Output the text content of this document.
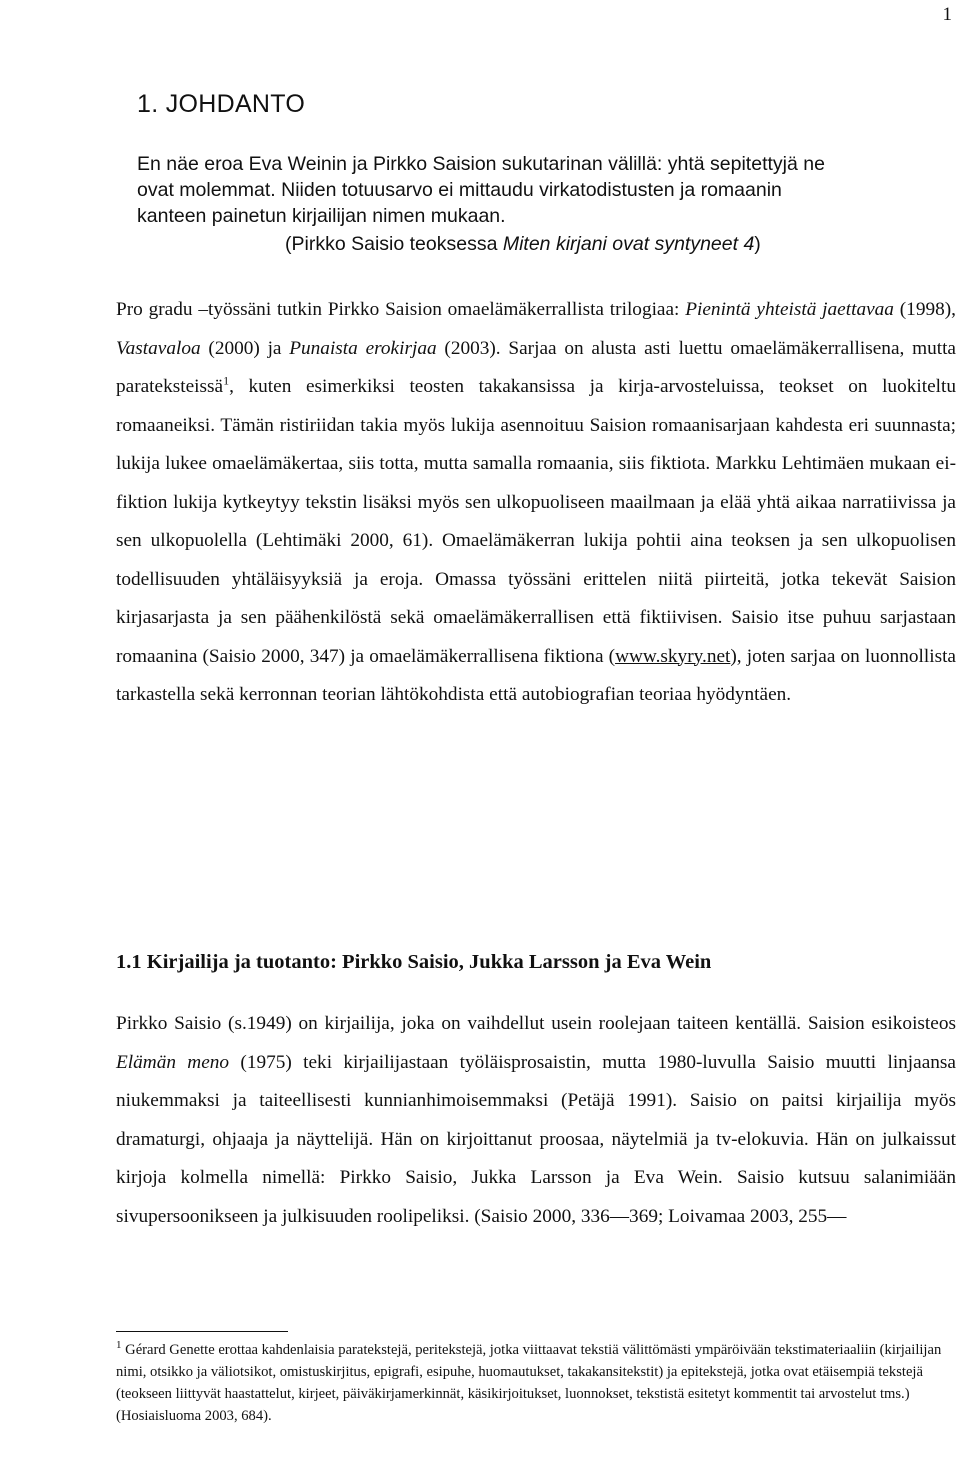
1
1. JOHDANTO

En näe eroa Eva Weinin ja Pirkko Saision sukutarinan välillä: yhtä sepitettyjä ne ovat molemmat. Niiden totuusarvo ei mittaudu virkatodistusten ja romaanin kanteen painetun kirjailijan nimen mukaan.

(Pirkko Saisio teoksessa Miten kirjani ovat syntyneet 4)

Pro gradu –työssäni tutkin Pirkko Saision omaelämäkerrallista trilogiaa: Pienintä yhteistä jaettavaa (1998), Vastavaloa (2000) ja Punaista erokirjaa (2003). Sarjaa on alusta asti luettu omaelämäkerrallisena, mutta parateksteissä$^1$, kuten esimerkiksi teosten takakansissa ja kirja-arvosteluissa, teokset on luokiteltu romaaneiksi. Tämän ristiriidan takia myös lukija asennoituu Saision romaanisarjaan kahdesta eri suunnasta; lukija lukee omaelämäkertaa, siis totta, mutta samalla romaania, siis fiktiota. Markku Lehtimäen mukaan ei-fiktion lukija kytkeytyy tekstin lisäksi myös sen ulkopuoliseen maailmaan ja elää yhtä aikaa narratiivissa ja sen ulkopuolella (Lehtimäki 2000, 61). Omaelämäkerran lukija pohtii aina teoksen ja sen ulkopuolisen todellisuuden yhtäläisyyksiä ja eroja. Omassa työssäni erittelen niitä piirteitä, jotka tekevät Saision kirjasarjasta ja sen päähenkilöstä sekä omaelämäkerrallisen että fiktiivisen. Saisio itse puhuu sarjastaan romaanina (Saisio 2000, 347) ja omaelämäkerrallisena fiktiona (www.skyry.net), joten sarjaa on luonnollista tarkastella sekä kerronnan teorian lähtökohdista että autobiografian teoriaa hyödyntäen.

1.1 Kirjailija ja tuotanto: Pirkko Saisio, Jukka Larsson ja Eva Wein

Pirkko Saisio (s.1949) on kirjailija, joka on vaihdellut usein roolejaan taiteen kentällä. Saision esikoisteos Elämän meno (1975) teki kirjailijastaan työläisprosaistin, mutta 1980-luvulla Saisio muutti linjaansa niukemmaksi ja taiteellisesti kunnianhimoisemmaksi (Petäjä 1991). Saisio on paitsi kirjailija myös dramaturgi, ohjaaja ja näyttelijä. Hän on kirjoittanut proosaa, näytelmiä ja tv-elokuvia. Hän on julkaissut kirjoja kolmella nimellä: Pirkko Saisio, Jukka Larsson ja Eva Wein. Saisio kutsuu salanimiään sivupersoonikseen ja julkisuuden roolipeliksi. (Saisio 2000, 336—369; Loivamaa 2003, 255—

$^1$ Gérard Genette erottaa kahdenlaisia paratekstejä, peritekstejä, jotka viittaavat tekstiä välittömästi ympäröivään tekstimateriaaliin (kirjailijan nimi, otsikko ja väliotsikot, omistuskirjitus, epigrafi, esipuhe, huomautukset, takakansitekstit) ja epitekstejä, jotka ovat etäisempiä tekstejä (teokseen liittyvät haastattelut, kirjeet, päiväkirjamerkinnät, käsikirjoitukset, luonnokset, tekstistä esitetyt kommentit tai arvostelut tms.) (Hosiaisluoma 2003, 684).
